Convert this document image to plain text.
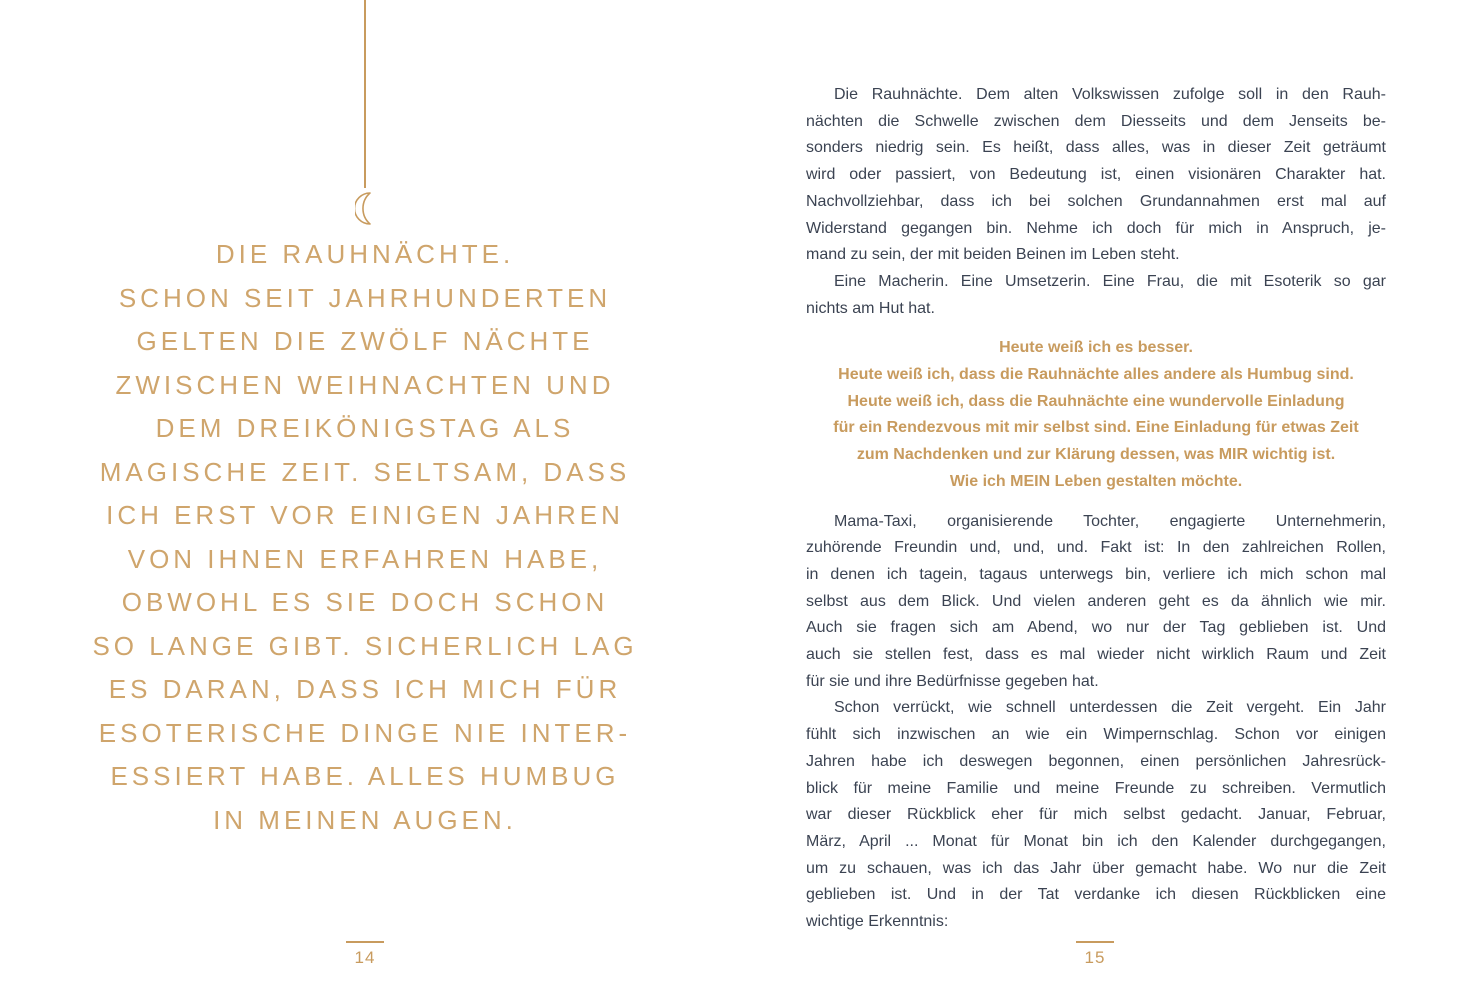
DIE RAUHNÄCHTE.
SCHON SEIT JAHRHUNDERTEN
GELTEN DIE ZWÖLF NÄCHTE
ZWISCHEN WEIHNACHTEN UND
DEM DREIKÖNIGSTAG ALS
MAGISCHE ZEIT. SELTSAM, DASS
ICH ERST VOR EINIGEN JAHREN
VON IHNEN ERFAHREN HABE,
OBWOHL ES SIE DOCH SCHON
SO LANGE GIBT. SICHERLICH LAG
ES DARAN, DASS ICH MICH FÜR
ESOTERISCHE DINGE NIE INTER-
ESSIERT HABE. ALLES HUMBUG
IN MEINEN AUGEN.
14
Die Rauhnächte. Dem alten Volkswissen zufolge soll in den Rauh-
nächten die Schwelle zwischen dem Diesseits und dem Jenseits be-
sonders niedrig sein. Es heißt, dass alles, was in dieser Zeit geträumt
wird oder passiert, von Bedeutung ist, einen visionären Charakter hat.
Nachvollziehbar, dass ich bei solchen Grundannahmen erst mal auf
Widerstand gegangen bin. Nehme ich doch für mich in Anspruch, je-
mand zu sein, der mit beiden Beinen im Leben steht.
Eine Macherin. Eine Umsetzerin. Eine Frau, die mit Esoterik so gar
nichts am Hut hat.
Heute weiß ich es besser.
Heute weiß ich, dass die Rauhnächte alles andere als Humbug sind.
Heute weiß ich, dass die Rauhnächte eine wundervolle Einladung
für ein Rendezvous mit mir selbst sind. Eine Einladung für etwas Zeit
zum Nachdenken und zur Klärung dessen, was MIR wichtig ist.
Wie ich MEIN Leben gestalten möchte.
Mama-Taxi, organisierende Tochter, engagierte Unternehmerin,
zuhörende Freundin und, und, und. Fakt ist: In den zahlreichen Rollen,
in denen ich tagein, tagaus unterwegs bin, verliere ich mich schon mal
selbst aus dem Blick. Und vielen anderen geht es da ähnlich wie mir.
Auch sie fragen sich am Abend, wo nur der Tag geblieben ist. Und
auch sie stellen fest, dass es mal wieder nicht wirklich Raum und Zeit
für sie und ihre Bedürfnisse gegeben hat.
Schon verrückt, wie schnell unterdessen die Zeit vergeht. Ein Jahr
fühlt sich inzwischen an wie ein Wimpernschlag. Schon vor einigen
Jahren habe ich deswegen begonnen, einen persönlichen Jahresrück-
blick für meine Familie und meine Freunde zu schreiben. Vermutlich
war dieser Rückblick eher für mich selbst gedacht. Januar, Februar,
März, April ... Monat für Monat bin ich den Kalender durchgegangen,
um zu schauen, was ich das Jahr über gemacht habe. Wo nur die Zeit
geblieben ist. Und in der Tat verdanke ich diesen Rückblicken eine
wichtige Erkenntnis:
15
